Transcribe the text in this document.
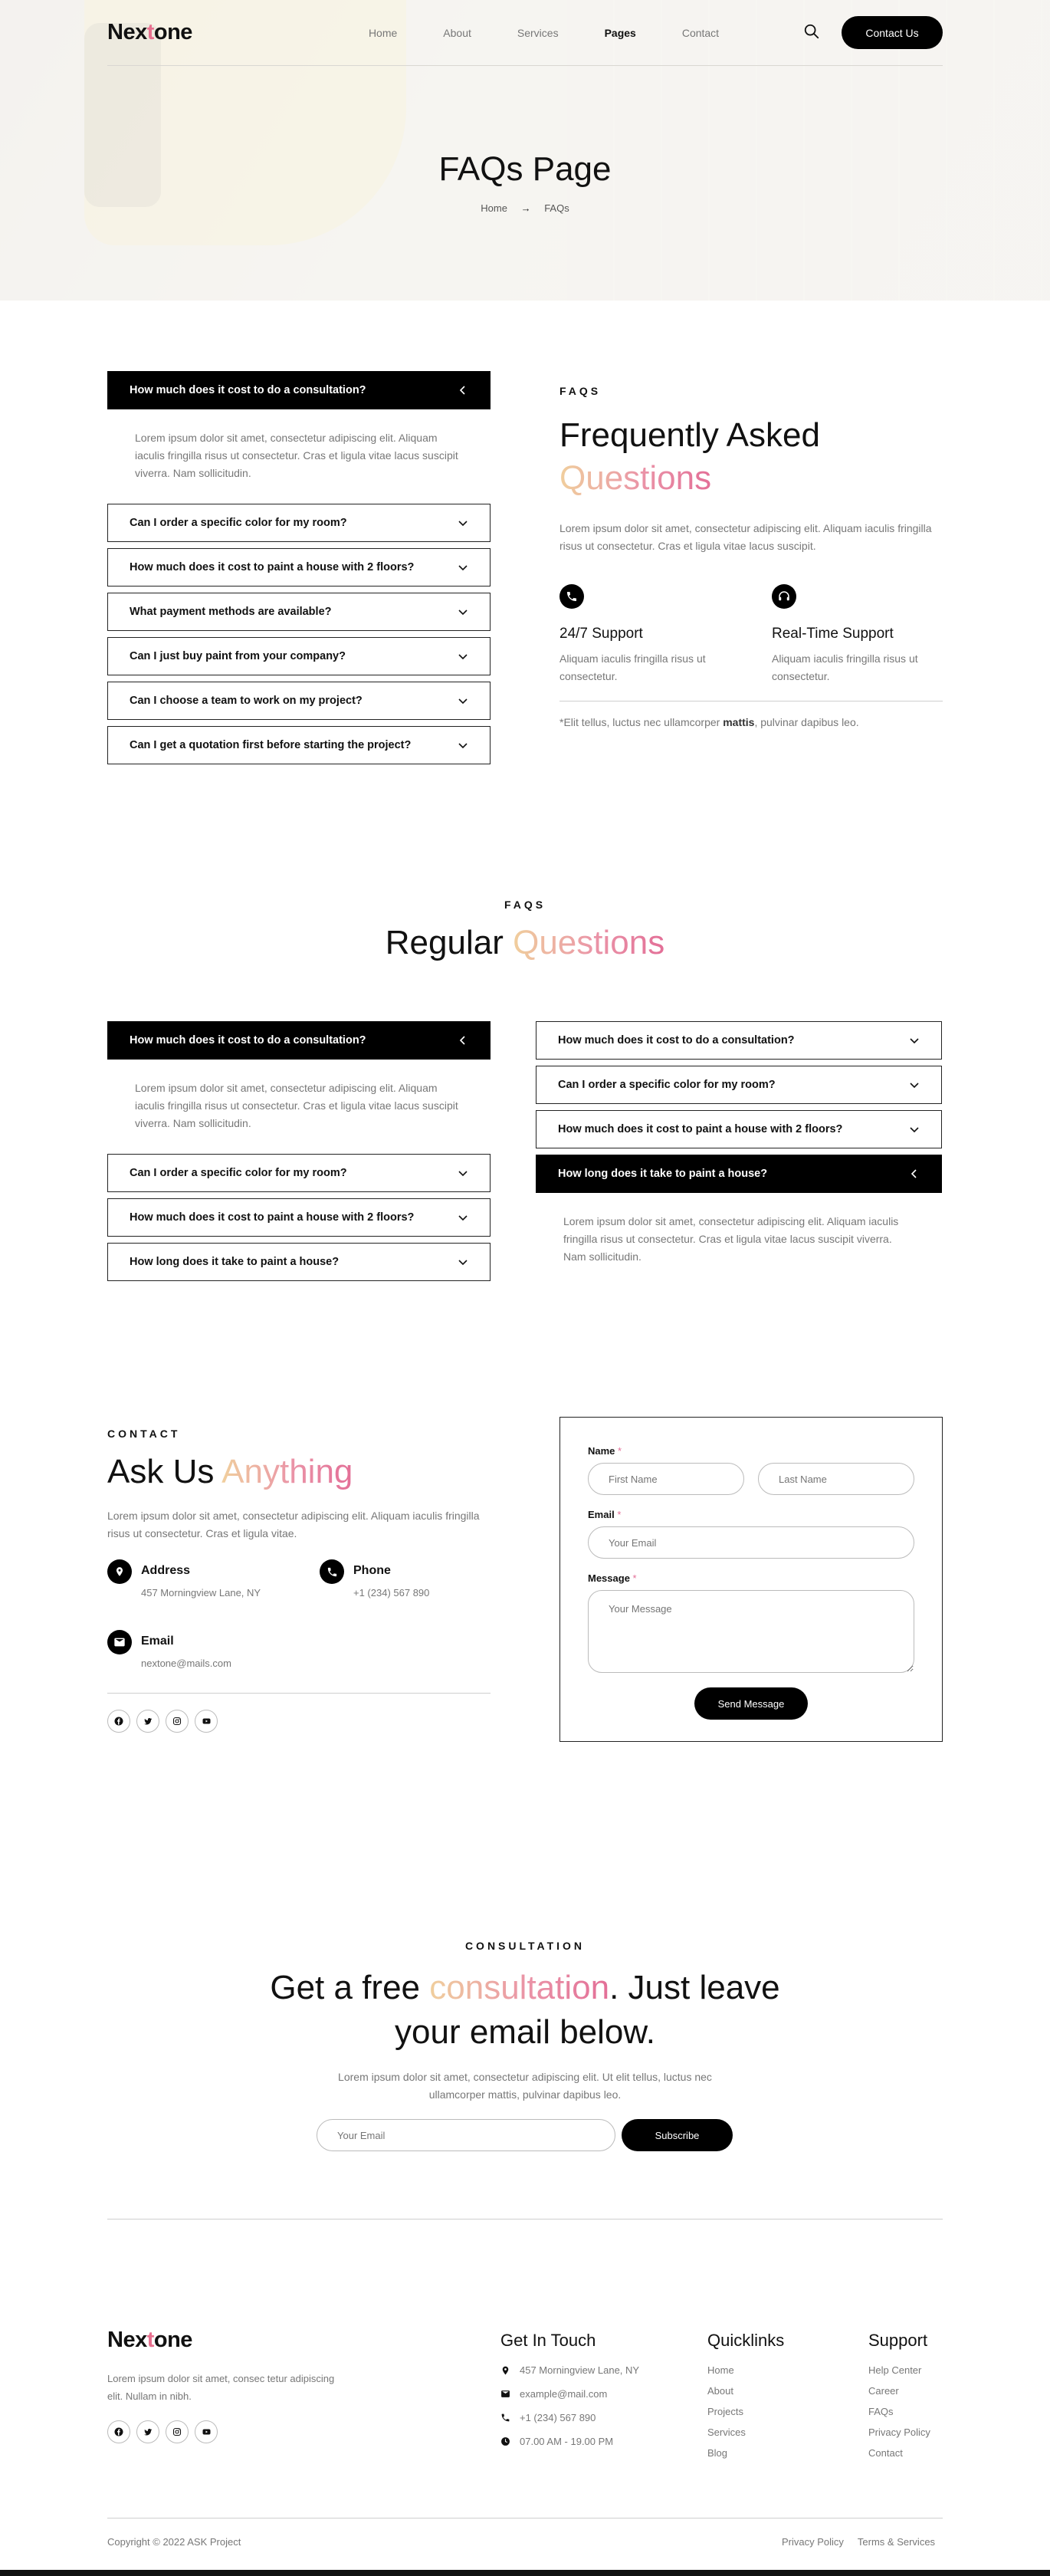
Nextone	Home	About	Services	Pages	Contact	Contact Us
FAQs Page
Home → FAQs
How much does it cost to do a consultation?
Lorem ipsum dolor sit amet, consectetur adipiscing elit. Aliquam iaculis fringilla risus ut consectetur. Cras et ligula vitae lacus suscipit viverra. Nam sollicitudin.
Can I order a specific color for my room?
How much does it cost to paint a house with 2 floors?
What payment methods are available?
Can I just buy paint from your company?
Can I choose a team to work on my project?
Can I get a quotation first before starting the project?
FAQS
Frequently Asked
Questions

Lorem ipsum dolor sit amet, consectetur adipiscing elit. Aliquam iaculis fringilla risus ut consectetur. Cras et ligula vitae lacus suscipit.

24/7 Support

Aliquam iaculis fringilla risus ut consectetur.

Real-Time Support

Aliquam iaculis fringilla risus ut consectetur.

*Elit tellus, luctus nec ullamcorper mattis, pulvinar dapibus leo.

FAQS
Regular Questions
How much does it cost to do a consultation?
Lorem ipsum dolor sit amet, consectetur adipiscing elit. Aliquam iaculis fringilla risus ut consectetur. Cras et ligula vitae lacus suscipit viverra. Nam sollicitudin.
Can I order a specific color for my room?
How much does it cost to paint a house with 2 floors?
How long does it take to paint a house?
How much does it cost to do a consultation?
Can I order a specific color for my room?
How much does it cost to paint a house with 2 floors?
How long does it take to paint a house?
Lorem ipsum dolor sit amet, consectetur adipiscing elit. Aliquam iaculis fringilla risus ut consectetur. Cras et ligula vitae lacus suscipit viverra. Nam sollicitudin.
CONTACT
Ask Us Anything

Lorem ipsum dolor sit amet, consectetur adipiscing elit. Aliquam iaculis fringilla risus ut consectetur. Cras et ligula vitae.

Address
457 Morningview Lane, NY
Phone
+1 (234) 567 890
Email
nextone@mails.com
Name *
First Name
Last Name
Email *
Your Email
Message *
Your Message
Send Message
CONSULTATION
Get a free consultation. Just leave
your email below.

Lorem ipsum dolor sit amet, consectetur adipiscing elit. Ut elit tellus, luctus nec ullamcorper mattis, pulvinar dapibus leo.

Your Email
Subscribe
Nextone

Lorem ipsum dolor sit amet, consec tetur adipiscing elit. Nullam in nibh.

Get In Touch
457 Morningview Lane, NY
example@mail.com
+1 (234) 567 890
07.00 AM - 19.00 PM
Quicklinks
Home
About
Projects
Services
Blog
Support
Help Center
Career
FAQs
Privacy Policy
Contact
Copyright © 2022 ASK Project	Privacy Policy Terms & Services
